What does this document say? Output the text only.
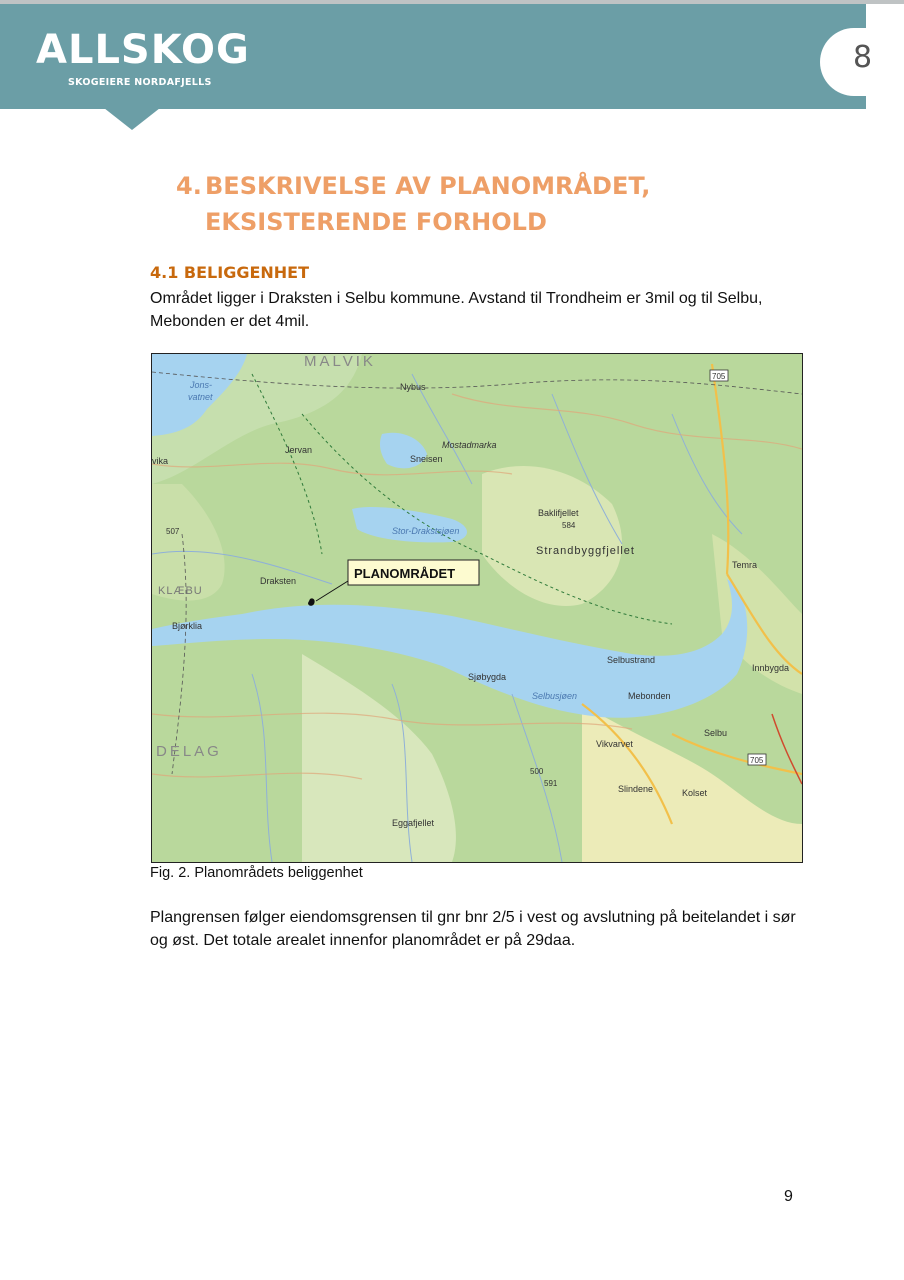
ALLSKOG
SKOGEIERE NORDAFJELLS
8
4. BESKRIVELSE AV PLANOMRÅDET,
EKSISTERENDE FORHOLD
4.1 BELIGGENHET
Området ligger i Draksten i Selbu kommune. Avstand til Trondheim er 3mil og til Selbu, Mebonden er det 4mil.
MALVIK
Jons-
vatnet
Nybus
705
Mostadmarka
Jervan
Sneisen
vika
Baklifjellet
584
Stor-Drakstsjøen
Strandbyggfjellet
507
Temra
Draksten
KLÆBU
Bjørklia
Selbustrand
Innbygda
Sjøbygda
Selbusjøen	Mebonden
DELAG
Selbu
Vikvarvet
705
500
591
Slindene	Kolset
Eggafjellet
PLANOMRÅDET
Fig. 2. Planområdets beliggenhet
Plangrensen følger eiendomsgrensen til gnr bnr 2/5 i vest og avslutning på beitelandet i sør og øst. Det totale arealet innenfor planområdet er på 29daa.
9
